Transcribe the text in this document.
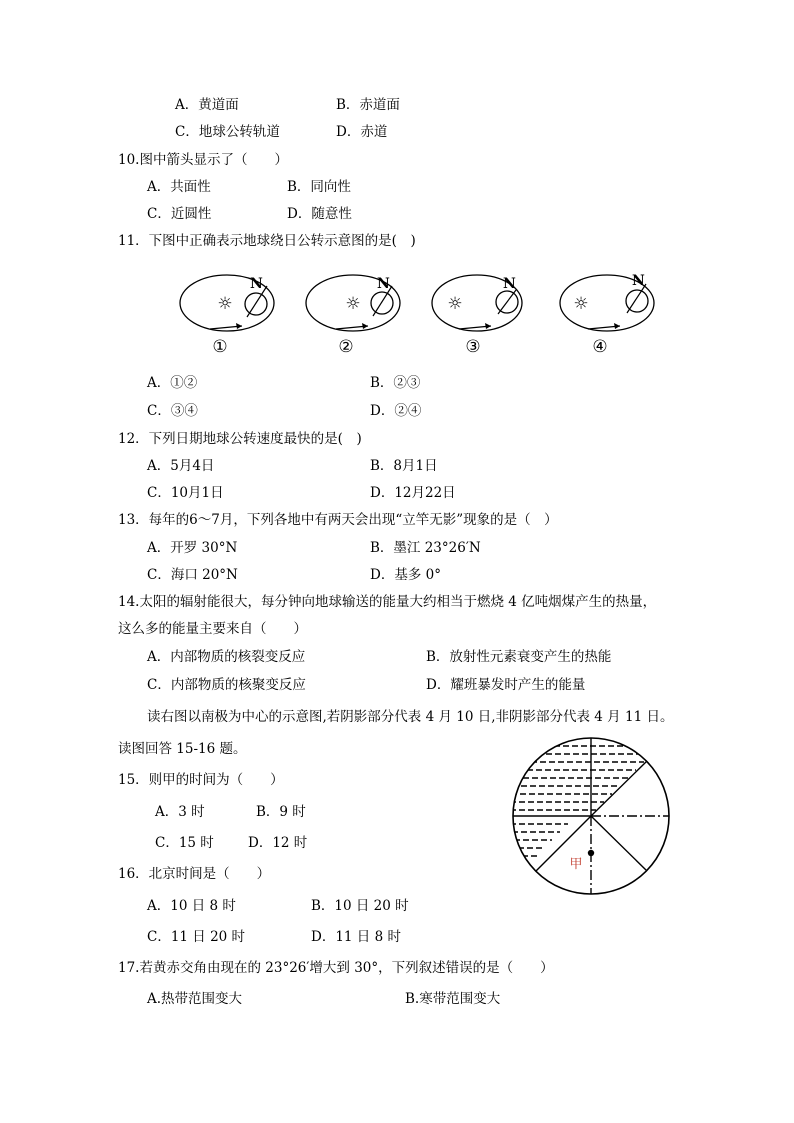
A．黄道面	B．赤道面
C．地球公转轨道	D．赤道
10.图中箭头显示了（　　）
A．共面性	B．同向性
C．近圆性	D．随意性
11．下图中正确表示地球绕日公转示意图的是(　)
☼
N
①
☼
N
②
☼
N
③
☼
N
④
A．①②	B．②③
C．③④	D．②④
12．下列日期地球公转速度最快的是(　)
A．5月4日	B．8月1日
C．10月1日	D．12月22日
13．每年的6～7月，下列各地中有两天会出现“立竿无影”现象的是（　）
A．开罗 30°N	B．墨江 23°26′N
C．海口 20°N	D．基多 0°
14.太阳的辐射能很大，每分钟向地球输送的能量大约相当于燃烧 4 亿吨烟煤产生的热量，
这么多的能量主要来自（　　）
A．内部物质的核裂变反应	B．放射性元素衰变产生的热能
C．内部物质的核聚变反应	D．耀班暴发时产生的能量
读右图以南极为中心的示意图,若阴影部分代表 4 月 10 日,非阴影部分代表 4 月 11 日。
读图回答 15-16 题。
15．则甲的时间为（　　）
A．3 时	B．9 时
C．15 时	D．12 时
16．北京时间是（　　）
A．10 日 8 时	B．10 日 20 时
C．11 日 20 时	D．11 日 8 时
17.若黄赤交角由现在的 23°26′增大到 30°，下列叙述错误的是（　　）
A.热带范围变大	B.寒带范围变大
甲
